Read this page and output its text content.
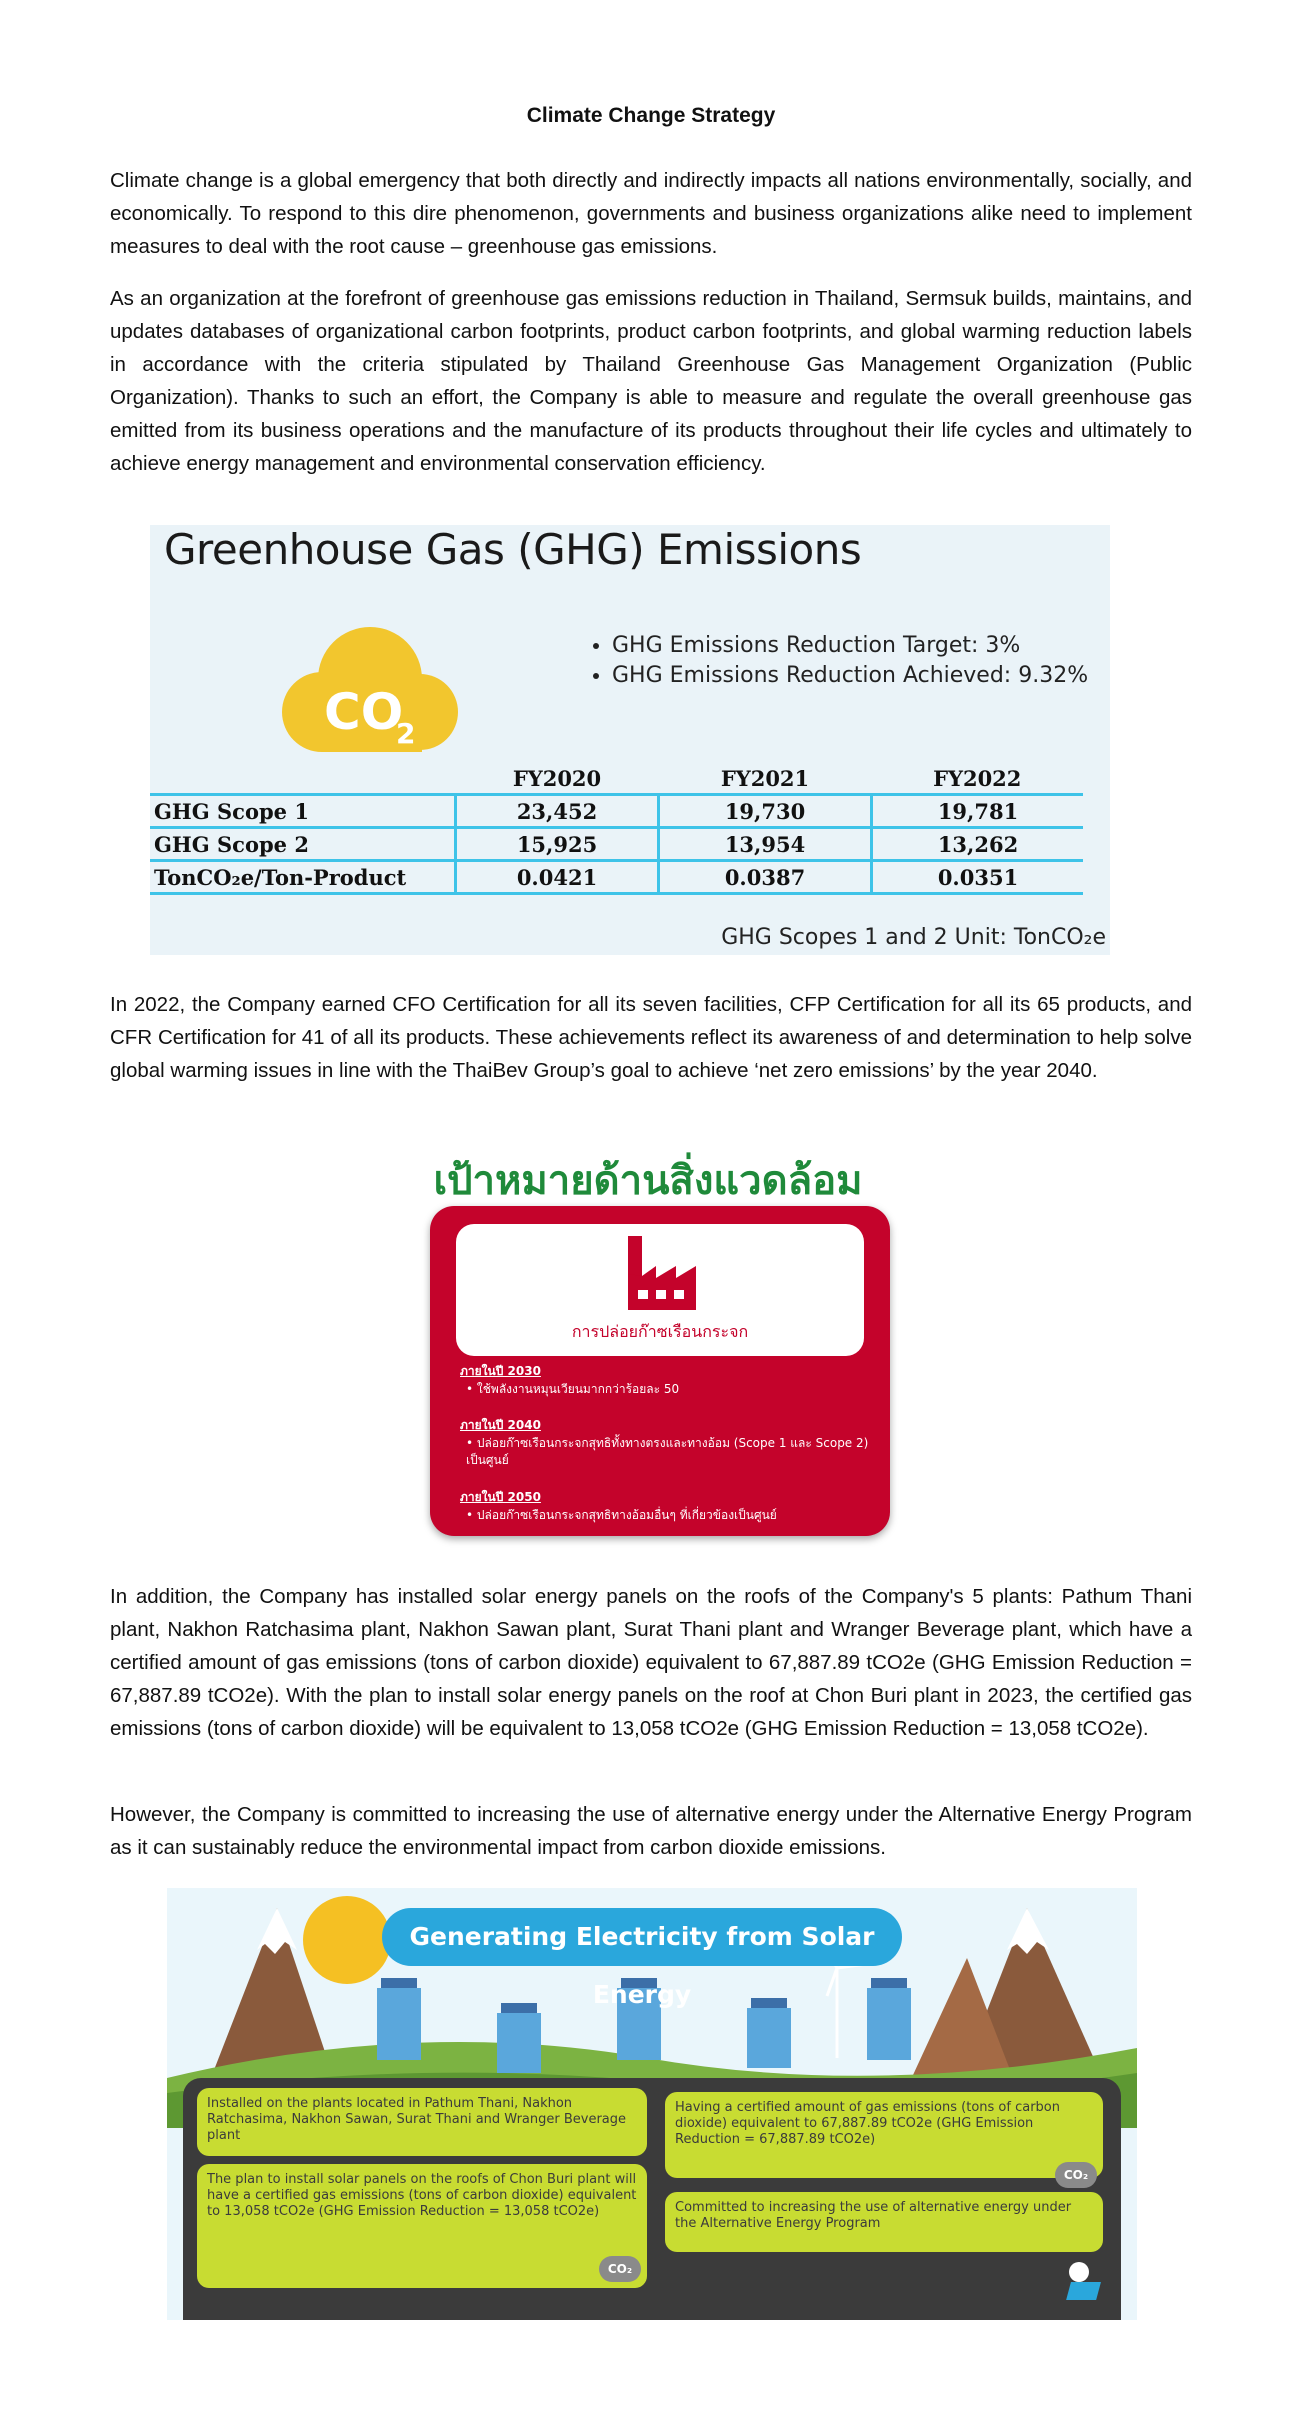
Climate Change Strategy

Climate change is a global emergency that both directly and indirectly impacts all nations environmentally, socially, and economically. To respond to this dire phenomenon, governments and business organizations alike need to implement measures to deal with the root cause – greenhouse gas emissions.

As an organization at the forefront of greenhouse gas emissions reduction in Thailand, Sermsuk builds, maintains, and updates databases of organizational carbon footprints, product carbon footprints, and global warming reduction labels in accordance with the criteria stipulated by Thailand Greenhouse Gas Management Organization (Public Organization). Thanks to such an effort, the Company is able to measure and regulate the overall greenhouse gas emitted from its business operations and the manufacture of its products throughout their life cycles and ultimately to achieve energy management and environmental conservation efficiency.

Greenhouse Gas (GHG) Emissions
CO
2
• GHG Emissions Reduction Target: 3%
• GHG Emissions Reduction Achieved: 9.32%
	FY2020	FY2021	FY2022
GHG Scope 1	23,452	19,730	19,781
GHG Scope 2	15,925	13,954	13,262
TonCO₂e/Ton-Product	0.0421	0.0387	0.0351
GHG Scopes 1 and 2 Unit: TonCO₂e

In 2022, the Company earned CFO Certification for all its seven facilities, CFP Certification for all its 65 products, and CFR Certification for 41 of all its products. These achievements reflect its awareness of and determination to help solve global warming issues in line with the ThaiBev Group’s goal to achieve ‘net zero emissions’ by the year 2040.

เป้าหมายด้านสิ่งแวดล้อม
การปล่อยก๊าซเรือนกระจก
ภายในปี 2030
• ใช้พลังงานหมุนเวียนมากกว่าร้อยละ 50
ภายในปี 2040
• ปล่อยก๊าซเรือนกระจกสุทธิทั้งทางตรงและทางอ้อม (Scope 1 และ Scope 2) เป็นศูนย์
ภายในปี 2050
• ปล่อยก๊าซเรือนกระจกสุทธิทางอ้อมอื่นๆ ที่เกี่ยวข้องเป็นศูนย์

In addition, the Company has installed solar energy panels on the roofs of the Company's 5 plants: Pathum Thani plant, Nakhon Ratchasima plant, Nakhon Sawan plant, Surat Thani plant and Wranger Beverage plant, which have a certified amount of gas emissions (tons of carbon dioxide) equivalent to 67,887.89 tCO2e (GHG Emission Reduction = 67,887.89 tCO2e). With the plan to install solar energy panels on the roof at Chon Buri plant in 2023, the certified gas emissions (tons of carbon dioxide) will be equivalent to 13,058 tCO2e (GHG Emission Reduction = 13,058 tCO2e).

However, the Company is committed to increasing the use of alternative energy under the Alternative Energy Program as it can sustainably reduce the environmental impact from carbon dioxide emissions.

Generating Electricity from Solar Energy
Installed on the plants located in Pathum Thani, Nakhon Ratchasima, Nakhon Sawan, Surat Thani and Wranger Beverage plant
The plan to install solar panels on the roofs of Chon Buri plant will have a certified gas emissions (tons of carbon dioxide) equivalent to 13,058 tCO2e (GHG Emission Reduction = 13,058 tCO2e)
CO₂
Having a certified amount of gas emissions (tons of carbon dioxide) equivalent to 67,887.89 tCO2e (GHG Emission Reduction = 67,887.89 tCO2e)
CO₂
Committed to increasing the use of alternative energy under the Alternative Energy Program
